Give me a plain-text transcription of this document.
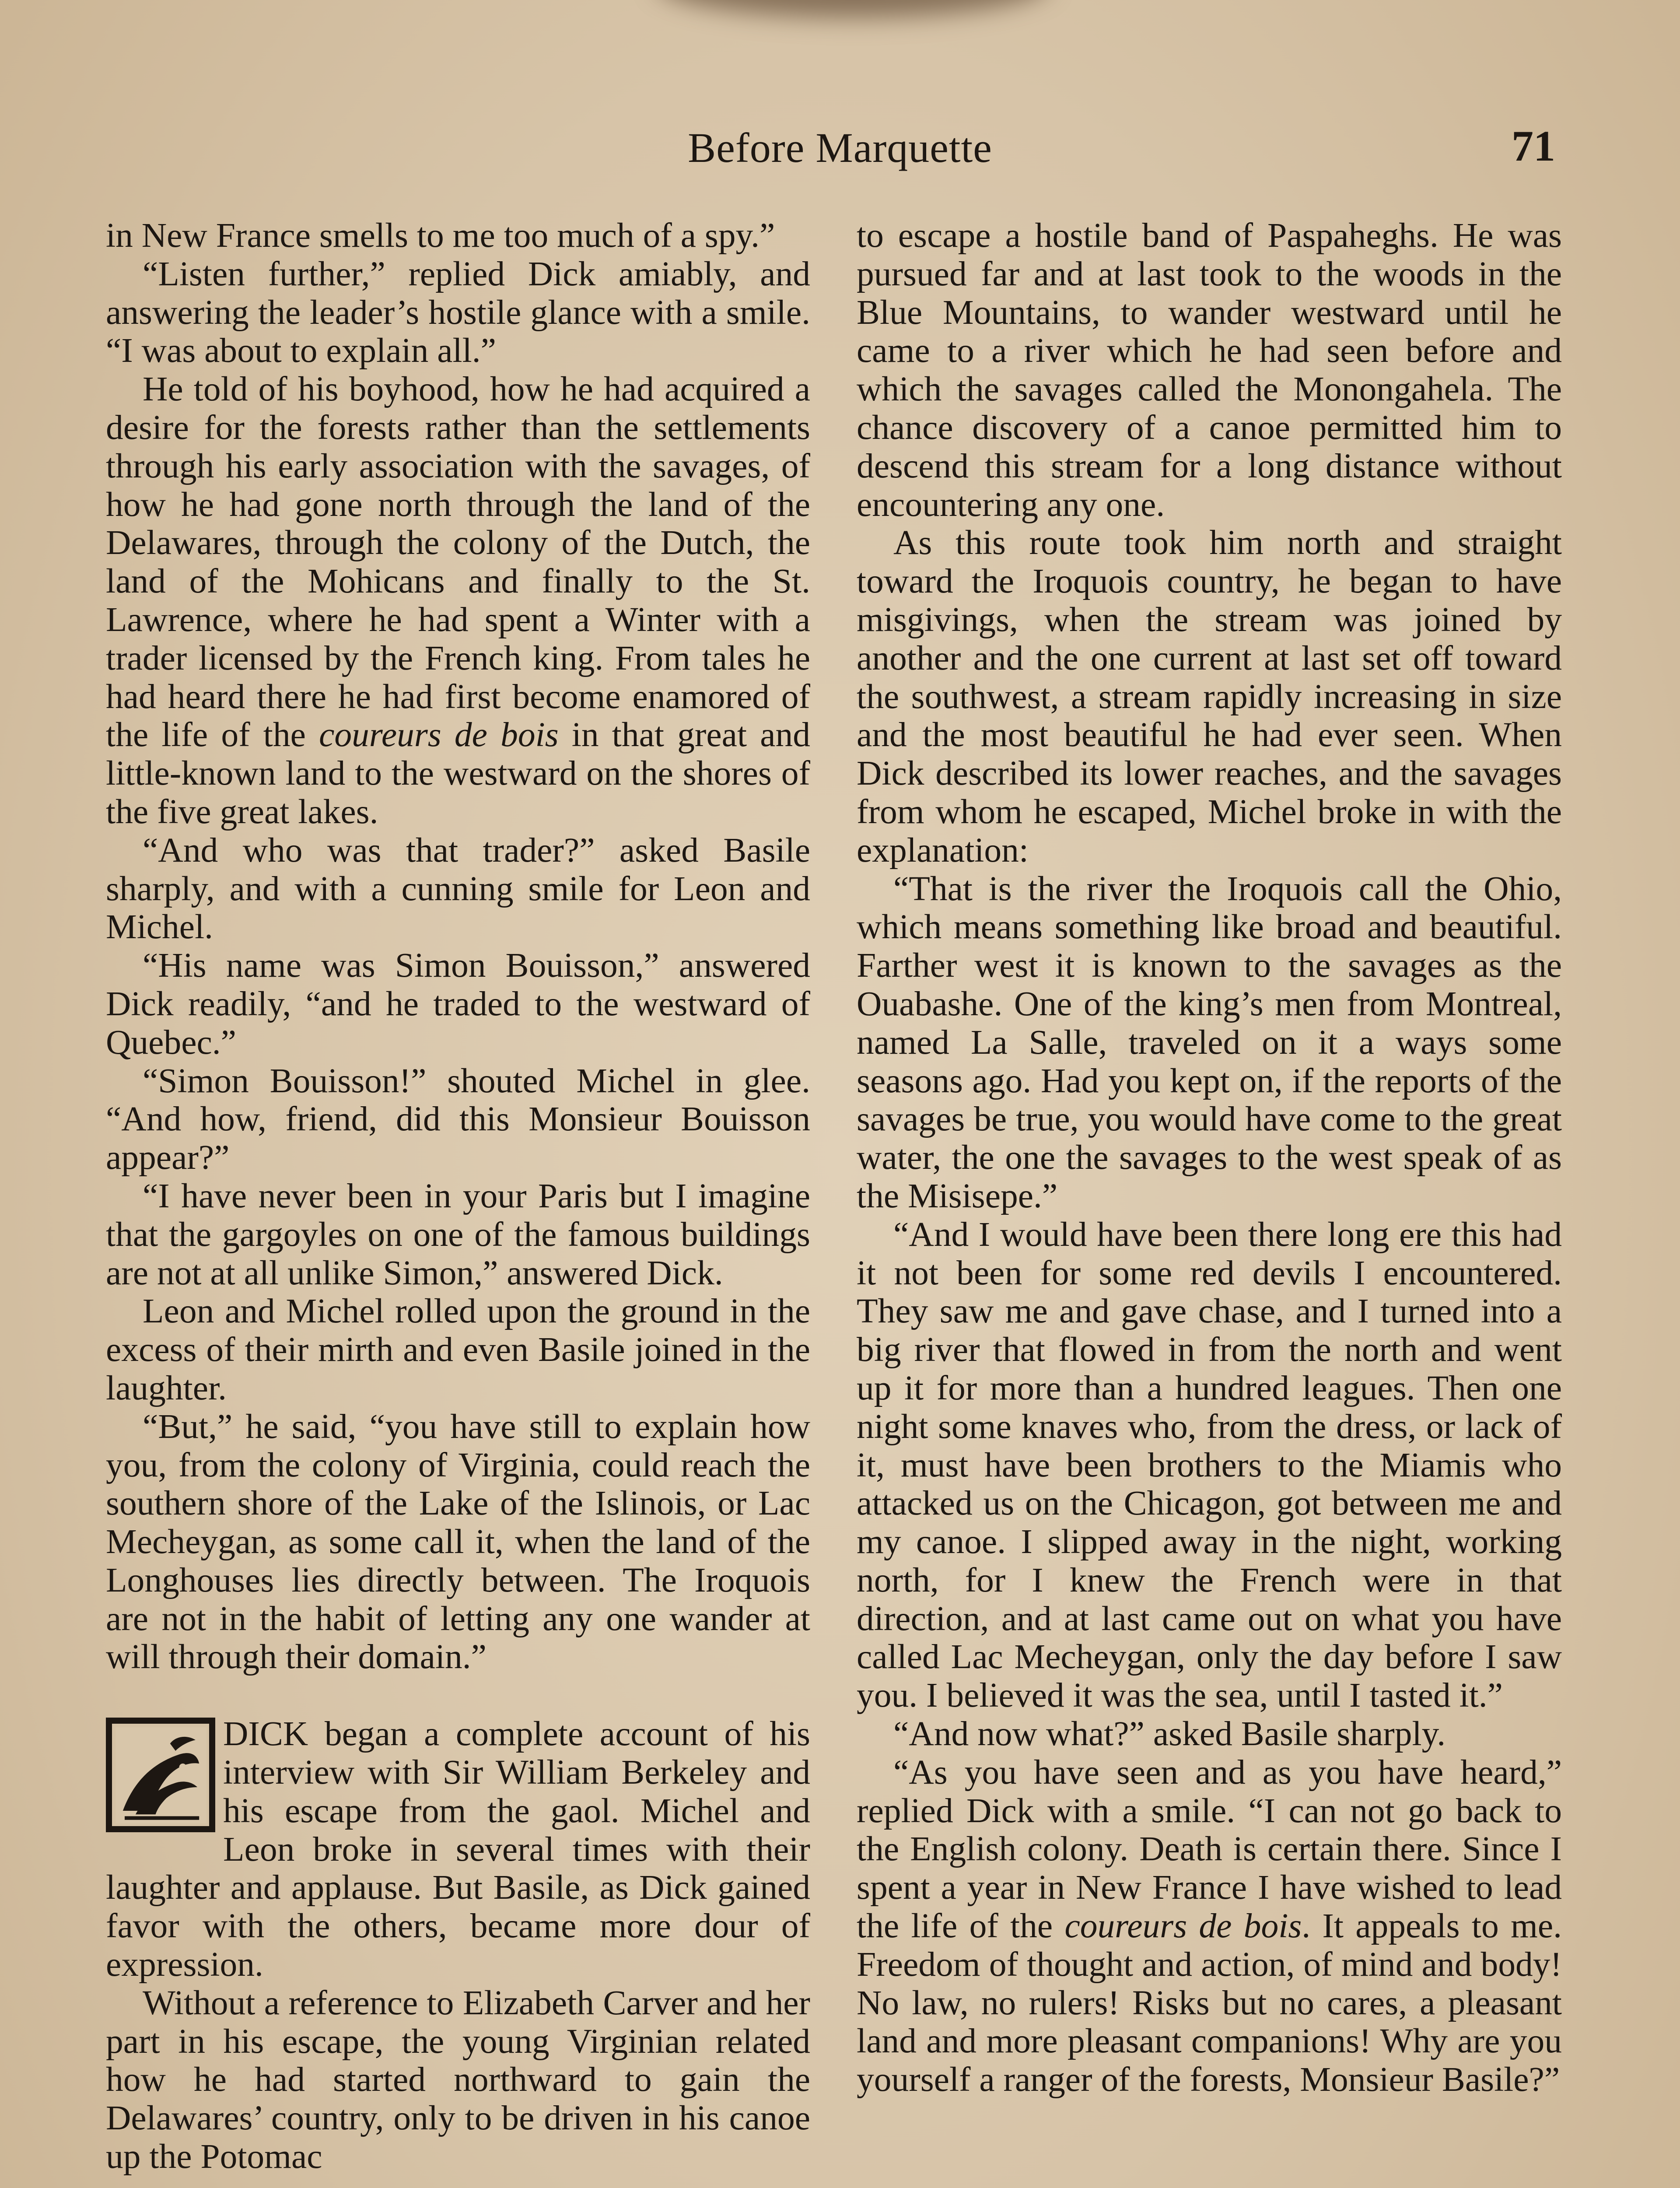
Before Marquette	71

in New France smells to me too much of a spy.”

“Listen further,” replied Dick amiably, and answering the leader’s hostile glance with a smile. “I was about to explain all.”

He told of his boyhood, how he had acquired a desire for the forests rather than the settlements through his early association with the savages, of how he had gone north through the land of the Delawares, through the colony of the Dutch, the land of the Mohicans and finally to the St. Lawrence, where he had spent a Winter with a trader licensed by the French king. From tales he had heard there he had first become enamored of the life of the coureurs de bois in that great and little-known land to the westward on the shores of the five great lakes.

“And who was that trader?” asked Basile sharply, and with a cunning smile for Leon and Michel.

“His name was Simon Bouisson,” answered Dick readily, “and he traded to the westward of Quebec.”

“Simon Bouisson!” shouted Michel in glee. “And how, friend, did this Monsieur Bouisson appear?”

“I have never been in your Paris but I imagine that the gargoyles on one of the famous buildings are not at all unlike Simon,” answered Dick.

Leon and Michel rolled upon the ground in the excess of their mirth and even Basile joined in the laughter.

“But,” he said, “you have still to explain how you, from the colony of Virginia, could reach the southern shore of the Lake of the Islinois, or Lac Mecheygan, as some call it, when the land of the Longhouses lies directly between. The Iroquois are not in the habit of letting any one wander at will through their domain.”

DICK began a complete account of his interview with Sir William Berkeley and his escape from the gaol. Michel and Leon broke in several times with their laughter and applause. But Basile, as Dick gained favor with the others, became more dour of expression.

Without a reference to Elizabeth Carver and her part in his escape, the young Virginian related how he had started northward to gain the Delawares’ country, only to be driven in his canoe up the Potomac

to escape a hostile band of Paspaheghs. He was pursued far and at last took to the woods in the Blue Mountains, to wander westward until he came to a river which he had seen before and which the savages called the Monongahela. The chance discovery of a canoe permitted him to descend this stream for a long distance without encountering any one.

As this route took him north and straight toward the Iroquois country, he began to have misgivings, when the stream was joined by another and the one current at last set off toward the southwest, a stream rapidly increasing in size and the most beautiful he had ever seen. When Dick described its lower reaches, and the savages from whom he escaped, Michel broke in with the explanation:

“That is the river the Iroquois call the Ohio, which means something like broad and beautiful. Farther west it is known to the savages as the Ouabashe. One of the king’s men from Montreal, named La Salle, traveled on it a ways some seasons ago. Had you kept on, if the reports of the savages be true, you would have come to the great water, the one the savages to the west speak of as the Misisepe.”

“And I would have been there long ere this had it not been for some red devils I encountered. They saw me and gave chase, and I turned into a big river that flowed in from the north and went up it for more than a hundred leagues. Then one night some knaves who, from the dress, or lack of it, must have been brothers to the Miamis who attacked us on the Chicagon, got between me and my canoe. I slipped away in the night, working north, for I knew the French were in that direction, and at last came out on what you have called Lac Mecheygan, only the day before I saw you. I believed it was the sea, until I tasted it.”

“And now what?” asked Basile sharply.

“As you have seen and as you have heard,” replied Dick with a smile. “I can not go back to the English colony. Death is certain there. Since I spent a year in New France I have wished to lead the life of the coureurs de bois. It appeals to me. Freedom of thought and action, of mind and body! No law, no rulers! Risks but no cares, a pleasant land and more pleasant companions! Why are you yourself a ranger of the forests, Monsieur Basile?”
